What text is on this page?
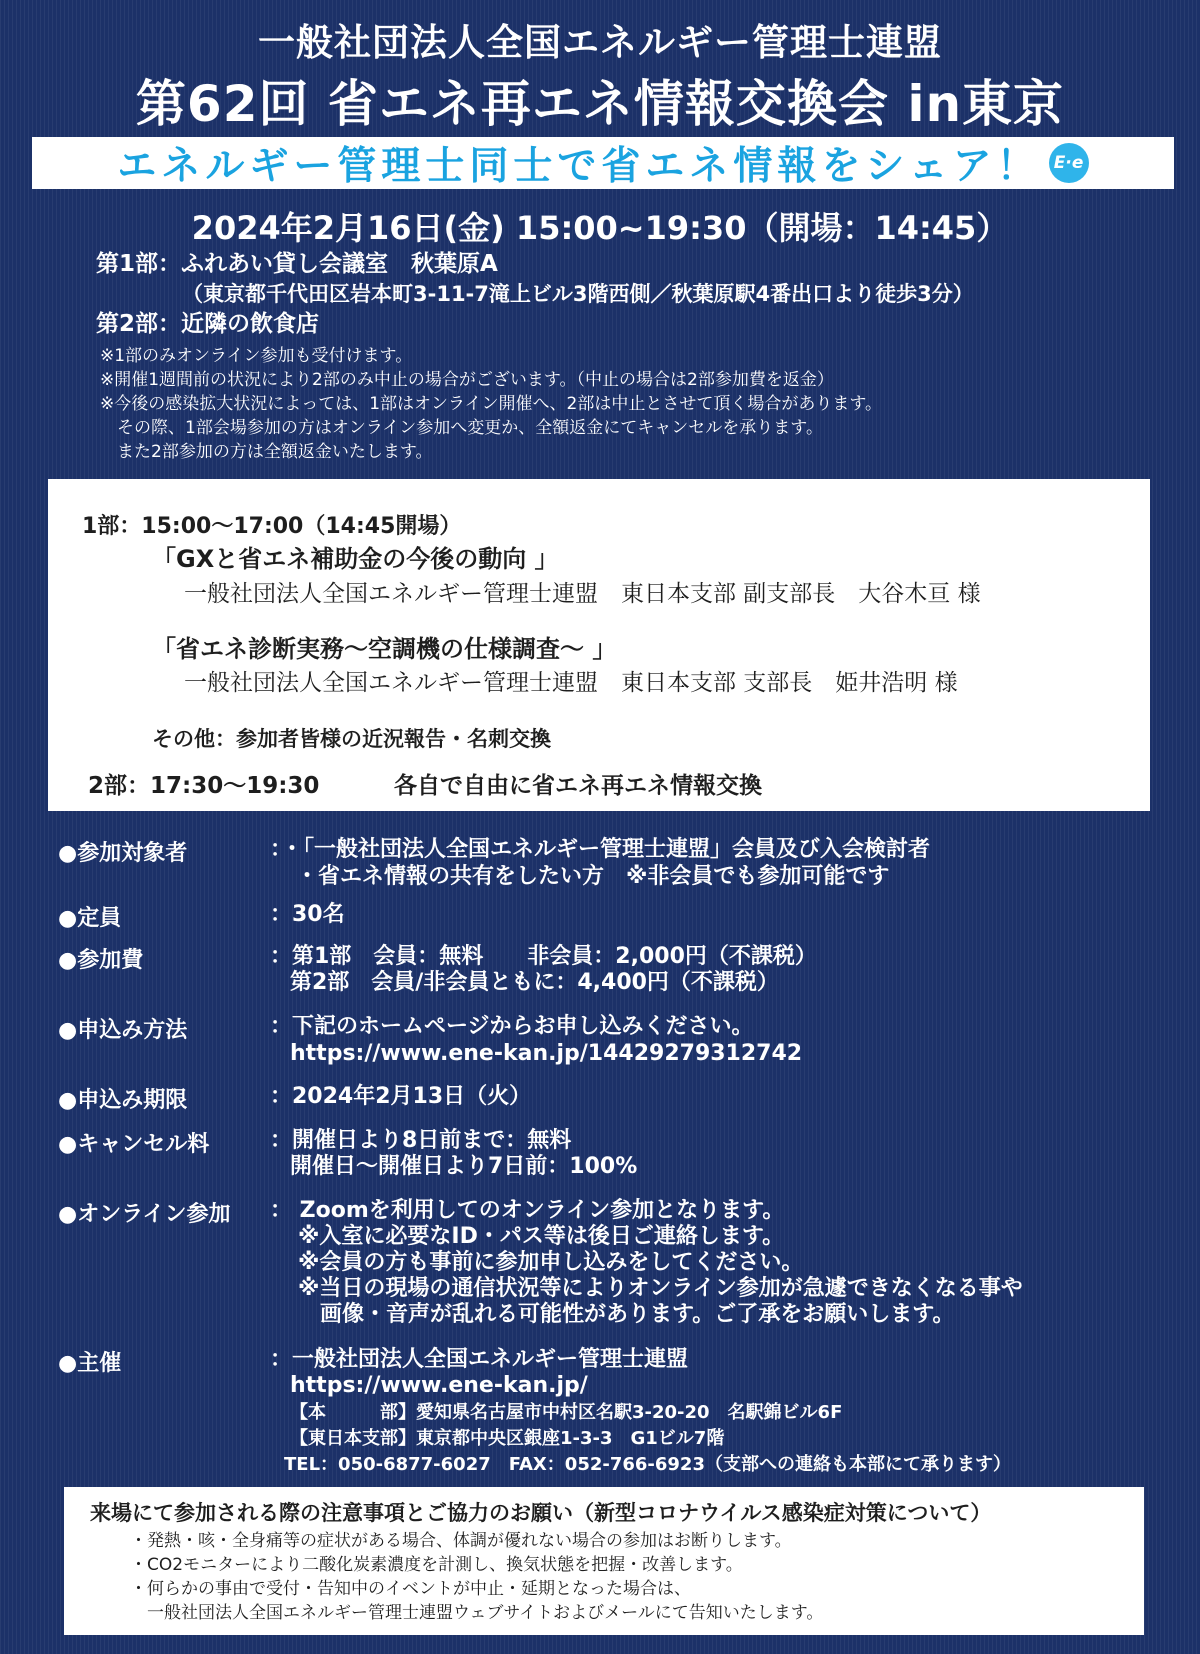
一般社団法人全国エネルギー管理士連盟
第62回 省エネ再エネ情報交換会 in東京
エネルギー管理士同士で省エネ情報をシェア！ E·e
2024年2月16日(金) 15:00~19:30（開場：14:45）
第1部：ふれあい貸し会議室　秋葉原A
（東京都千代田区岩本町3-11-7滝上ビル3階西側／秋葉原駅4番出口より徒歩3分）
第2部：近隣の飲食店
※1部のみオンライン参加も受付けます。
※開催1週間前の状況により2部のみ中止の場合がございます。（中止の場合は2部参加費を返金）
※今後の感染拡大状況によっては、1部はオンライン開催へ、2部は中止とさせて頂く場合があります。
　その際、1部会場参加の方はオンライン参加へ変更か、全額返金にてキャンセルを承ります。
　また2部参加の方は全額返金いたします。
1部：15:00～17:00（14:45開場）
「GXと省エネ補助金の今後の動向 」
一般社団法人全国エネルギー管理士連盟　東日本支部 副支部長　大谷木亘 様
「省エネ診断実務～空調機の仕様調査～ 」
一般社団法人全国エネルギー管理士連盟　東日本支部 支部長　姫井浩明 様
その他：参加者皆様の近況報告・名刺交換
2部：17:30～19:30	各自で自由に省エネ再エネ情報交換
●参加対象者	：・「一般社団法人全国エネルギー管理士連盟」会員及び入会検討者
・省エネ情報の共有をしたい方　※非会員でも参加可能です
●定員	：30名
●参加費	：第1部　会員：無料　　非会員：2,000円（不課税）
第2部　会員/非会員ともに：4,400円（不課税）
●申込み方法	：下記のホームページからお申し込みください。
https://www.ene-kan.jp/14429279312742
●申込み期限	：2024年2月13日（火）
●キャンセル料	：開催日より8日前まで：無料
開催日～開催日より7日前：100%
●オンライン参加 ： Zoomを利用してのオンライン参加となります。
※入室に必要なID・パス等は後日ご連絡します。
※会員の方も事前に参加申し込みをしてください。
※当日の現場の通信状況等によりオンライン参加が急遽できなくなる事や
画像・音声が乱れる可能性があります。ご了承をお願いします。
●主催	：一般社団法人全国エネルギー管理士連盟
https://www.ene-kan.jp/
【本　　　部】愛知県名古屋市中村区名駅3-20-20　名駅錦ビル6F
【東日本支部】東京都中央区銀座1-3-3　G1ビル7階
TEL：050-6877-6027　FAX：052-766-6923（支部への連絡も本部にて承ります）
来場にて参加される際の注意事項とご協力のお願い（新型コロナウイルス感染症対策について）
・発熱・咳・全身痛等の症状がある場合、体調が優れない場合の参加はお断りします。
・CO2モニターにより二酸化炭素濃度を計測し、換気状態を把握・改善します。
・何らかの事由で受付・告知中のイベントが中止・延期となった場合は、
　一般社団法人全国エネルギー管理士連盟ウェブサイトおよびメールにて告知いたします。
